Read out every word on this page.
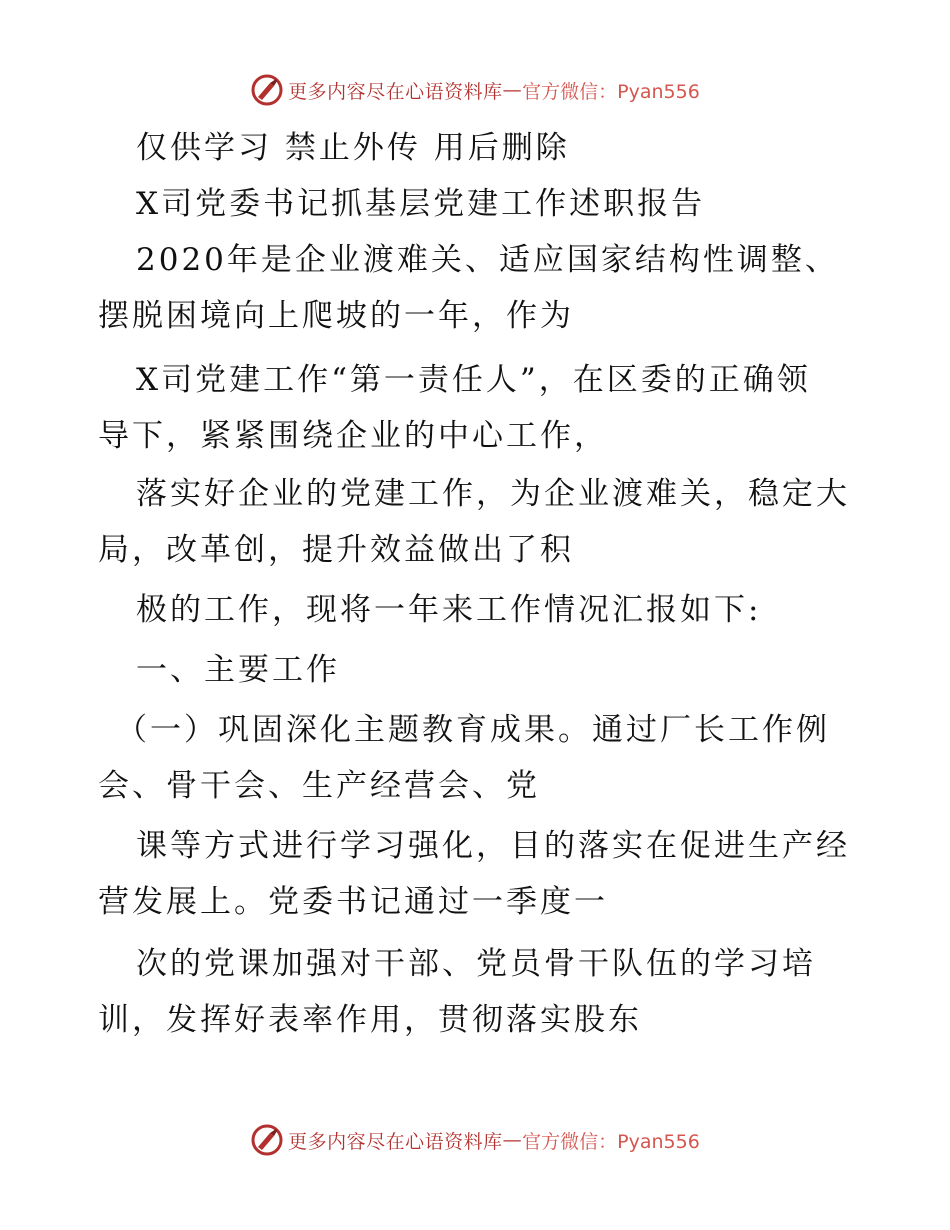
更多内容尽在心语资料库 — 官方微信：Pyan556
仅供学习 禁止外传 用后删除
X司党委书记抓基层党建工作述职报告
2020年是企业渡难关、适应国家结构性调整、
摆脱困境向上爬坡的一年，作为
X司党建工作“第一责任人”，在区委的正确领
导下，紧紧围绕企业的中心工作，
落实好企业的党建工作，为企业渡难关，稳定大
局，改革创，提升效益做出了积
极的工作，现将一年来工作情况汇报如下:
一、主要工作
（一）巩固深化主题教育成果。通过厂长工作例
会、骨干会、生产经营会、党
课等方式进行学习强化，目的落实在促进生产经
营发展上。党委书记通过一季度一
次的党课加强对干部、党员骨干队伍的学习培
训，发挥好表率作用，贯彻落实股东
更多内容尽在心语资料库 — 官方微信：Pyan556
